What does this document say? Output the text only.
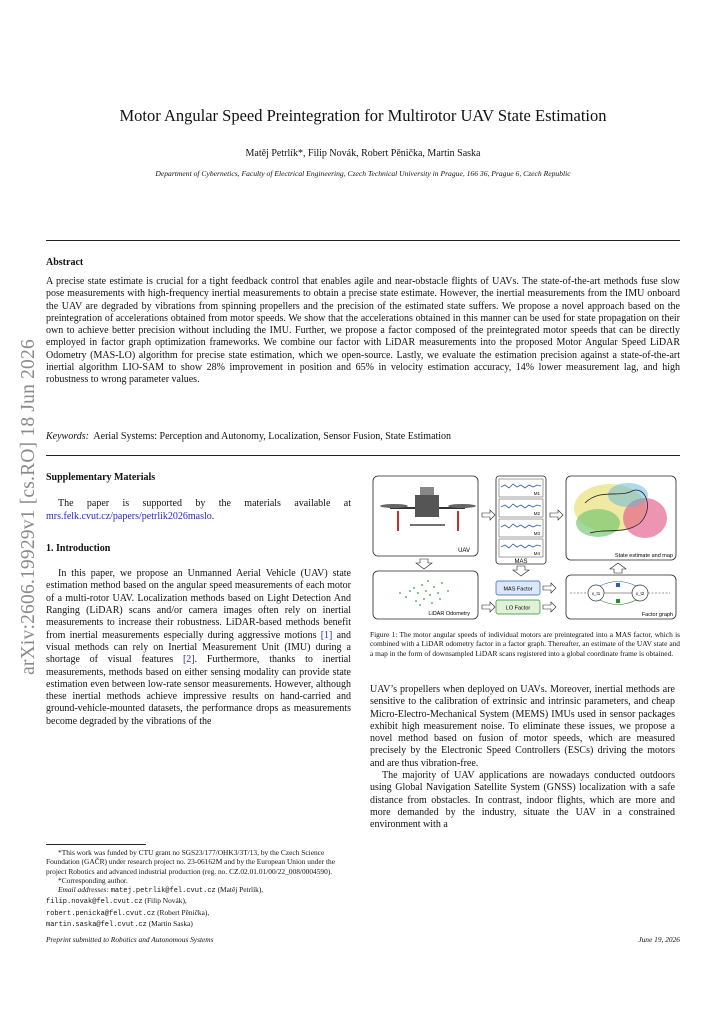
arXiv:2606.19929v1 [cs.RO] 18 Jun 2026
Motor Angular Speed Preintegration for Multirotor UAV State Estimation
Matěj Petrlík*, Filip Novák, Robert Pěnička, Martin Saska
Department of Cybernetics, Faculty of Electrical Engineering, Czech Technical University in Prague, 166 36, Prague 6, Czech Republic
Abstract
A precise state estimate is crucial for a tight feedback control that enables agile and near-obstacle flights of UAVs. The state-of-the-art methods fuse slow pose measurements with high-frequency inertial measurements to obtain a precise state estimate. However, the inertial measurements from the IMU onboard the UAV are degraded by vibrations from spinning propellers and the precision of the estimated state suffers. We propose a novel approach based on the preintegration of accelerations obtained from motor speeds. We show that the accelerations obtained in this manner can be used for state propagation on their own to achieve better precision without including the IMU. Further, we propose a factor composed of the preintegrated motor speeds that can be directly employed in factor graph optimization frameworks. We combine our factor with LiDAR measurements into the proposed Motor Angular Speed LiDAR Odometry (MAS-LO) algorithm for precise state estimation, which we open-source. Lastly, we evaluate the estimation precision against a state-of-the-art inertial algorithm LIO-SAM to show 28% improvement in position and 65% in velocity estimation accuracy, 14% lower measurement lag, and high robustness to wrong parameter values.
Keywords: Aerial Systems: Perception and Autonomy, Localization, Sensor Fusion, State Estimation
Supplementary Materials

The paper is supported by the materials available at mrs.felk.cvut.cz/papers/petrlik2026maslo.

1. Introduction

In this paper, we propose an Unmanned Aerial Vehicle (UAV) state estimation method based on the angular speed measurements of each motor of a multi-rotor UAV. Localization methods based on Light Detection And Ranging (LiDAR) scans and/or camera images often rely on inertial measurements to increase their robustness. LiDAR-based methods benefit from inertial measurements especially during aggressive motions [1] and visual methods can rely on Inertial Measurement Unit (IMU) during a shortage of visual features [2]. Furthermore, thanks to inertial measurements, methods based on either sensing modality can provide state estimation even between low-rate sensor measurements. However, although these inertial methods achieve impressive results on hand-carried and ground-vehicle-mounted datasets, the performance drops as measurements become degraded by the vibrations of the

*This work was funded by CTU grant no SGS23/177/OHK3/3T/13, by the Czech Science Foundation (GAČR) under research project no. 23-06162M and by the European Union under the project Robotics and advanced industrial production (reg. no. CZ.02.01.01/00/22_008/0004590).

*Corresponding author.

Email addresses: matej.petrlik@fel.cvut.cz (Matěj Petrlík),
filip.novak@fel.cvut.cz (Filip Novák),
robert.penicka@fel.cvut.cz (Robert Pěnička),
martin.saska@fel.cvut.cz (Martin Saska)

UAV
M1
M2
M3
M4
MAS
State estimate and map
LiDAR Odometry
MAS Factor
LO Factor
x_t1	x_t2
Factor graph
Figure 1: The motor angular speeds of individual motors are preintegrated into a MAS factor, which is combined with a LiDAR odometry factor in a factor graph. Thereafter, an estimate of the UAV state and a map in the form of downsampled LiDAR scans registered into a global coordinate frame is obtained.

UAV’s propellers when deployed on UAVs. Moreover, inertial methods are sensitive to the calibration of extrinsic and intrinsic parameters, and cheap Micro-Electro-Mechanical System (MEMS) IMUs used in sensor packages exhibit high measurement noise. To eliminate these issues, we propose a novel method based on fusion of motor speeds, which are measured precisely by the Electronic Speed Controllers (ESCs) driving the motors and are thus vibration-free.

The majority of UAV applications are nowadays conducted outdoors using Global Navigation Satellite System (GNSS) localization with a safe distance from obstacles. In contrast, indoor flights, which are more and more demanded by the industry, situate the UAV in a constrained environment with a

Preprint submitted to Robotics and Autonomous Systems	June 19, 2026
